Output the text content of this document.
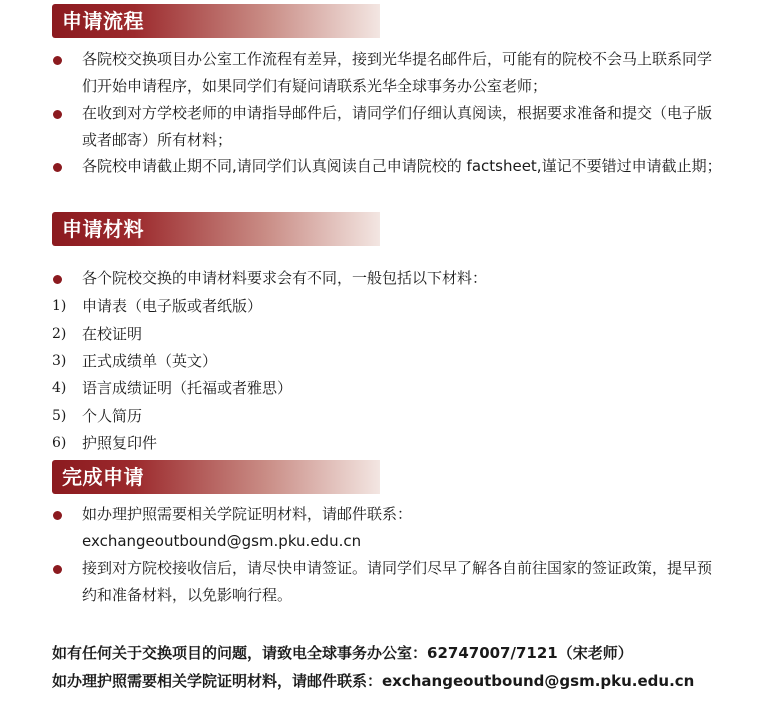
申请流程
各院校交换项目办公室工作流程有差异，接到光华提名邮件后，可能有的院校不会马上联系同学们开始申请程序，如果同学们有疑问请联系光华全球事务办公室老师；
在收到对方学校老师的申请指导邮件后，请同学们仔细认真阅读，根据要求准备和提交（电子版或者邮寄）所有材料；
各院校申请截止期不同,请同学们认真阅读自己申请院校的 factsheet,谨记不要错过申请截止期；
申请材料
各个院校交换的申请材料要求会有不同，一般包括以下材料：
1) 申请表（电子版或者纸版）
2) 在校证明
3) 正式成绩单（英文）
4) 语言成绩证明（托福或者雅思）
5) 个人简历
6) 护照复印件
完成申请
如办理护照需要相关学院证明材料，请邮件联系：
exchangeoutbound@gsm.pku.edu.cn
接到对方院校接收信后，请尽快申请签证。请同学们尽早了解各自前往国家的签证政策，提早预约和准备材料，以免影响行程。
如有任何关于交换项目的问题，请致电全球事务办公室：62747007/7121（宋老师）
如办理护照需要相关学院证明材料，请邮件联系：exchangeoutbound@gsm.pku.edu.cn
